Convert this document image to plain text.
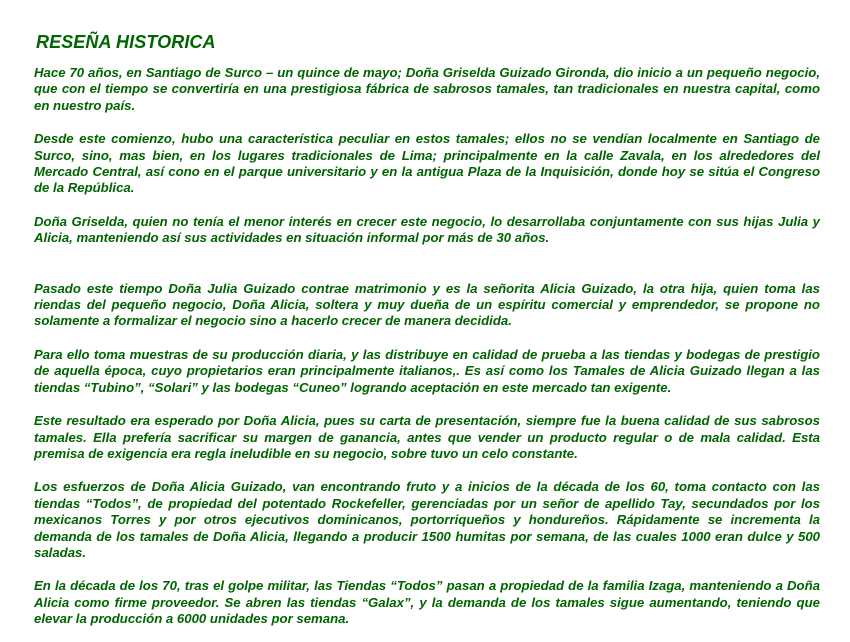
RESEÑA HISTORICA

Hace 70 años, en Santiago de Surco – un quince de mayo; Doña Griselda Guizado Gironda, dio inicio a un pequeño negocio, que con el tiempo se convertiría en una prestigiosa fábrica de sabrosos tamales, tan tradicionales en nuestra capital, como en nuestro país.

Desde este comienzo, hubo una característica peculiar en estos tamales; ellos no se vendían localmente en Santiago de Surco, sino, mas bien, en los lugares tradicionales de Lima; principalmente en la calle Zavala, en los alrededores del Mercado Central, así cono en el parque universitario y en la antigua Plaza de la Inquisición, donde hoy se sitúa el Congreso de la República.

Doña Griselda, quien no tenía el menor interés en crecer este negocio, lo desarrollaba conjuntamente con sus hijas Julia y Alicia, manteniendo así sus actividades en situación informal por más de 30 años.

Pasado este tiempo Doña Julia Guizado contrae matrimonio y es la señorita Alicia Guizado, la otra hija, quien toma las riendas del pequeño negocio, Doña Alicia, soltera y muy dueña de un espíritu comercial y emprendedor, se propone no solamente a formalizar el negocio sino a hacerlo crecer de manera decidida.

Para ello toma muestras de su producción diaria, y las distribuye en calidad de prueba a las tiendas y bodegas de prestigio de aquella época, cuyo propietarios eran principalmente italianos,. Es así como los Tamales de Alicia Guizado llegan a las tiendas “Tubino”, “Solari” y las bodegas “Cuneo” logrando aceptación en este mercado tan exigente.

Este resultado era esperado por Doña Alicia, pues su carta de presentación, siempre fue la buena calidad de sus sabrosos tamales. Ella prefería sacrificar su margen de ganancia, antes que vender un producto regular o de mala calidad. Esta premisa de exigencia era regla ineludible en su negocio, sobre tuvo un celo constante.

Los esfuerzos de Doña Alicia Guizado, van encontrando fruto y a inicios de la década de los 60, toma contacto con las tiendas “Todos”, de propiedad del potentado Rockefeller, gerenciadas por un señor de apellido Tay, secundados por los mexicanos Torres y por otros ejecutivos dominicanos, portorriqueños y hondureños. Rápidamente se incrementa la demanda de los tamales de Doña Alicia, llegando a producir 1500 humitas por semana, de las cuales 1000 eran dulce y 500 saladas.

En la década de los 70, tras el golpe militar, las Tiendas “Todos” pasan a propiedad de la familia Izaga, manteniendo a Doña Alicia como firme proveedor. Se abren las tiendas “Galax”, y la demanda de los tamales sigue aumentando, teniendo que elevar la producción a 6000 unidades por semana.
